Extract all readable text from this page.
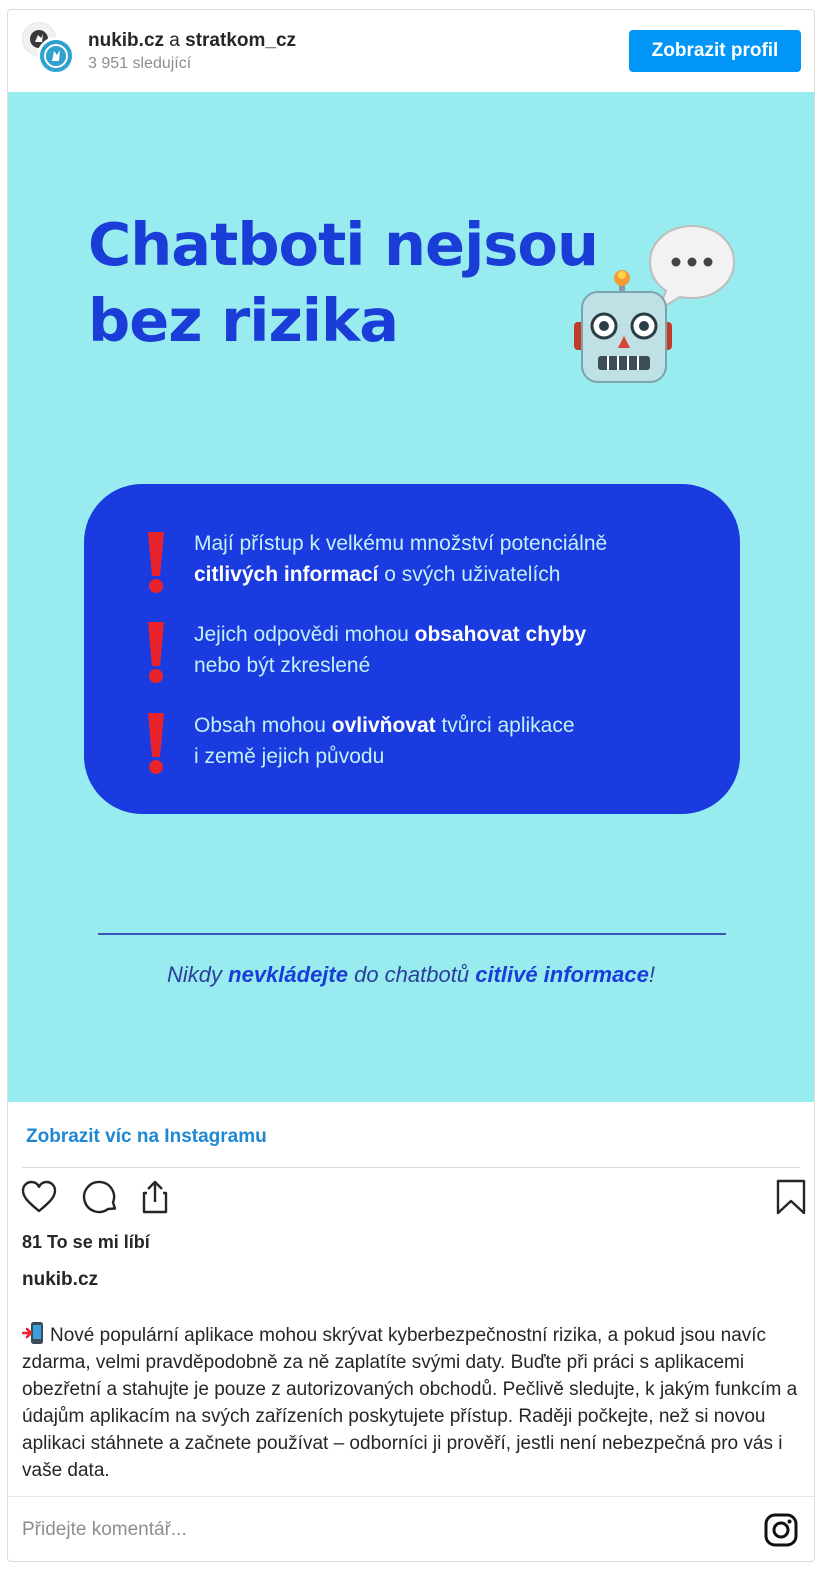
nukib.cz a stratkom_cz
3 951 sledující
Zobrazit profil
Chatboti nejsou
bez rizika
Mají přístup k velkému množství potenciálně
citlivých informací o svých uživatelích
Jejich odpovědi mohou obsahovat chyby
nebo být zkreslené
Obsah mohou ovlivňovat tvůrci aplikace
i země jejich původu
Nikdy nevkládejte do chatbotů citlivé informace!
Zobrazit víc na Instagramu
81 To se mi líbí
nukib.cz
Nové populární aplikace mohou skrývat kyberbezpečnostní rizika, a pokud jsou navíc zdarma, velmi pravděpodobně za ně zaplatíte svými daty. Buďte při práci s aplikacemi obezřetní a stahujte je pouze z autorizovaných obchodů. Pečlivě sledujte, k jakým funkcím a údajům aplikacím na svých zařízeních poskytujete přístup. Raději počkejte, než si novou aplikaci stáhnete a začnete používat – odborníci ji prověří, jestli není nebezpečná pro vás i vaše data.
Přidejte komentář...
